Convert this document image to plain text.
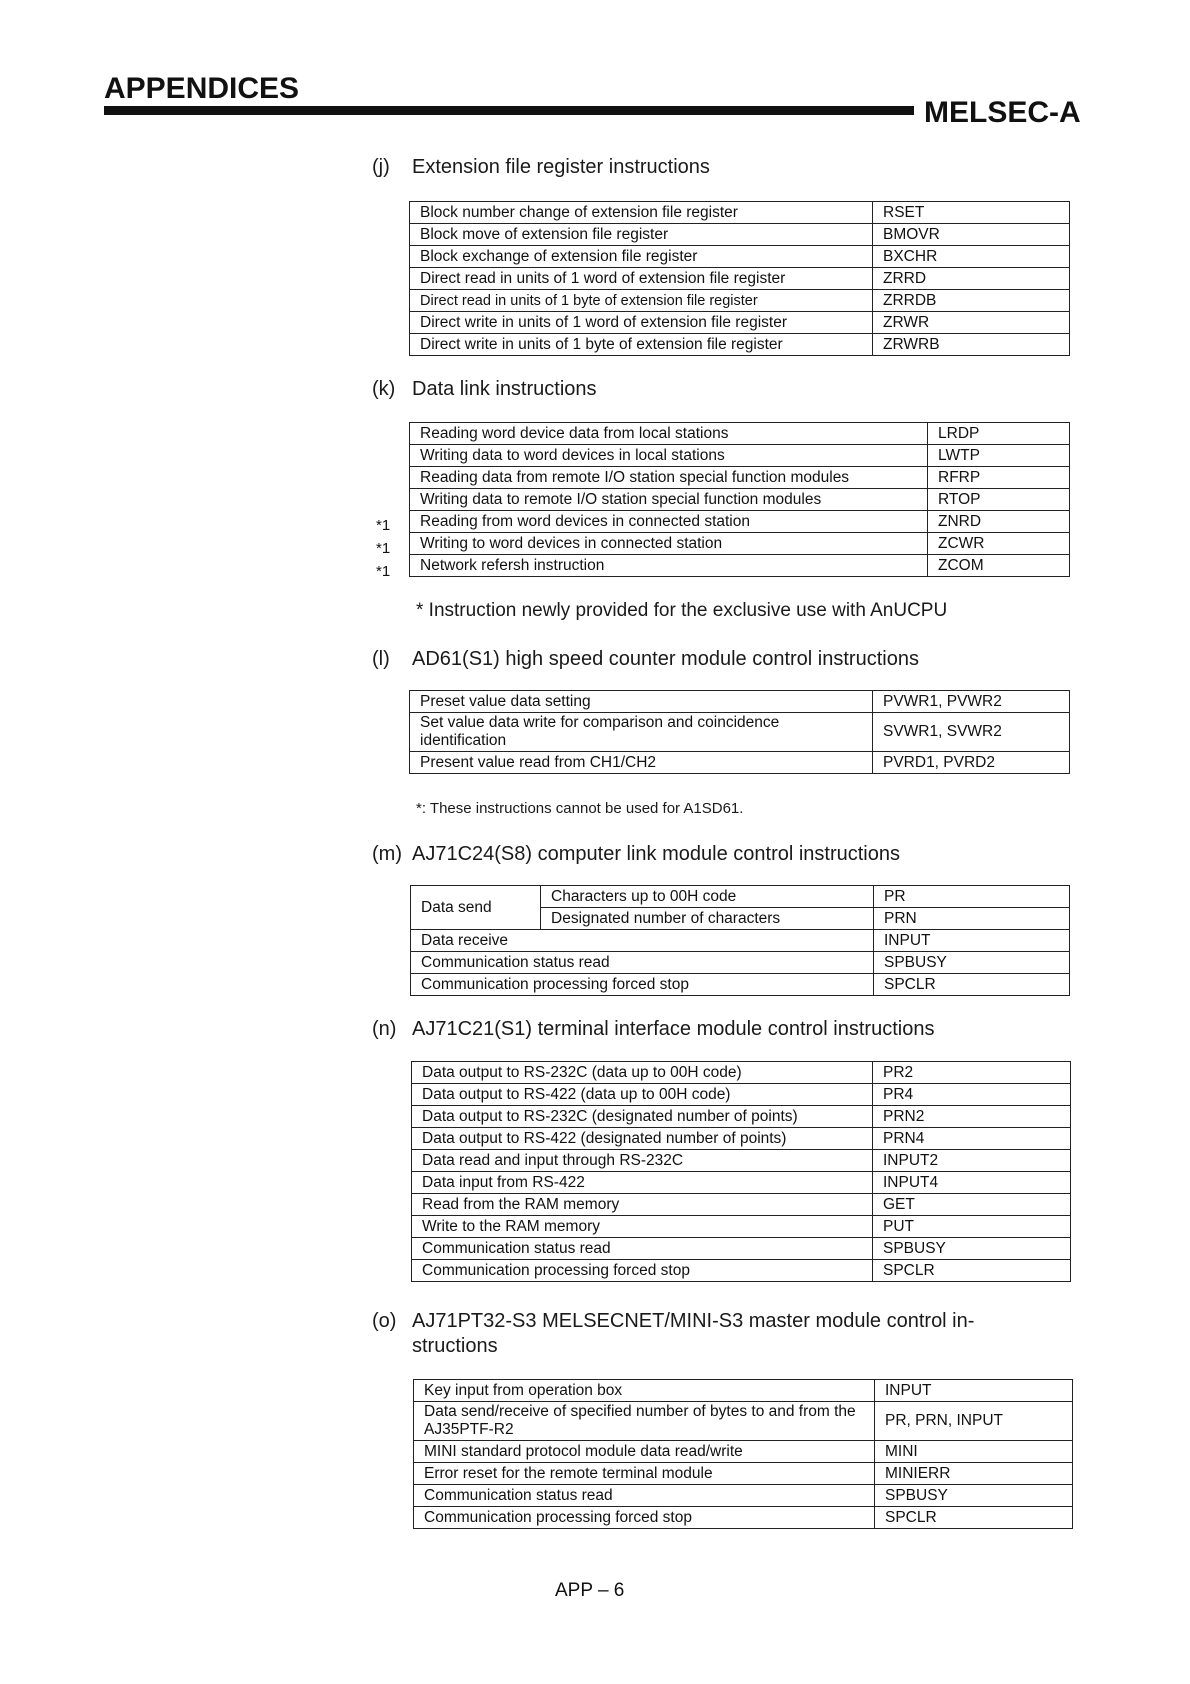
APPENDICES
MELSEC-A
(j) Extension file register instructions
Block number change of extension file register	RSET
Block move of extension file register	BMOVR
Block exchange of extension file register	BXCHR
Direct read in units of 1 word of extension file register	ZRRD
Direct read in units of 1 byte of extension file register	ZRRDB
Direct write in units of 1 word of extension file register	ZRWR
Direct write in units of 1 byte of extension file register	ZRWRB
(k) Data link instructions
Reading word device data from local stations	LRDP
Writing data to word devices in local stations	LWTP
Reading data from remote I/O station special function modules	RFRP
Writing data to remote I/O station special function modules	RTOP
Reading from word devices in connected station	ZNRD
Writing to word devices in connected station	ZCWR
Network refersh instruction	ZCOM
*1
*1
*1
* Instruction newly provided for the exclusive use with AnUCPU
(l) AD61(S1) high speed counter module control instructions
Preset value data setting	PVWR1, PVWR2
Set value data write for comparison and coincidence identification	SVWR1, SVWR2
Present value read from CH1/CH2	PVRD1, PVRD2
*: These instructions cannot be used for A1SD61.
(m) AJ71C24(S8) computer link module control instructions
Data send	Characters up to 00H code	PR
	Designated number of characters	PRN
Data receive		INPUT
Communication status read		SPBUSY
Communication processing forced stop		SPCLR
(n) AJ71C21(S1) terminal interface module control instructions
Data output to RS-232C (data up to 00H code)	PR2
Data output to RS-422 (data up to 00H code)	PR4
Data output to RS-232C (designated number of points)	PRN2
Data output to RS-422 (designated number of points)	PRN4
Data read and input through RS-232C	INPUT2
Data input from RS-422	INPUT4
Read from the RAM memory	GET
Write to the RAM memory	PUT
Communication status read	SPBUSY
Communication processing forced stop	SPCLR
(o) AJ71PT32-S3 MELSECNET/MINI-S3 master module control in-
structions
Key input from operation box	INPUT
Data send/receive of specified number of bytes to and from the AJ35PTF-R2	PR, PRN, INPUT
MINI standard protocol module data read/write	MINI
Error reset for the remote terminal module	MINIERR
Communication status read	SPBUSY
Communication processing forced stop	SPCLR
APP – 6
